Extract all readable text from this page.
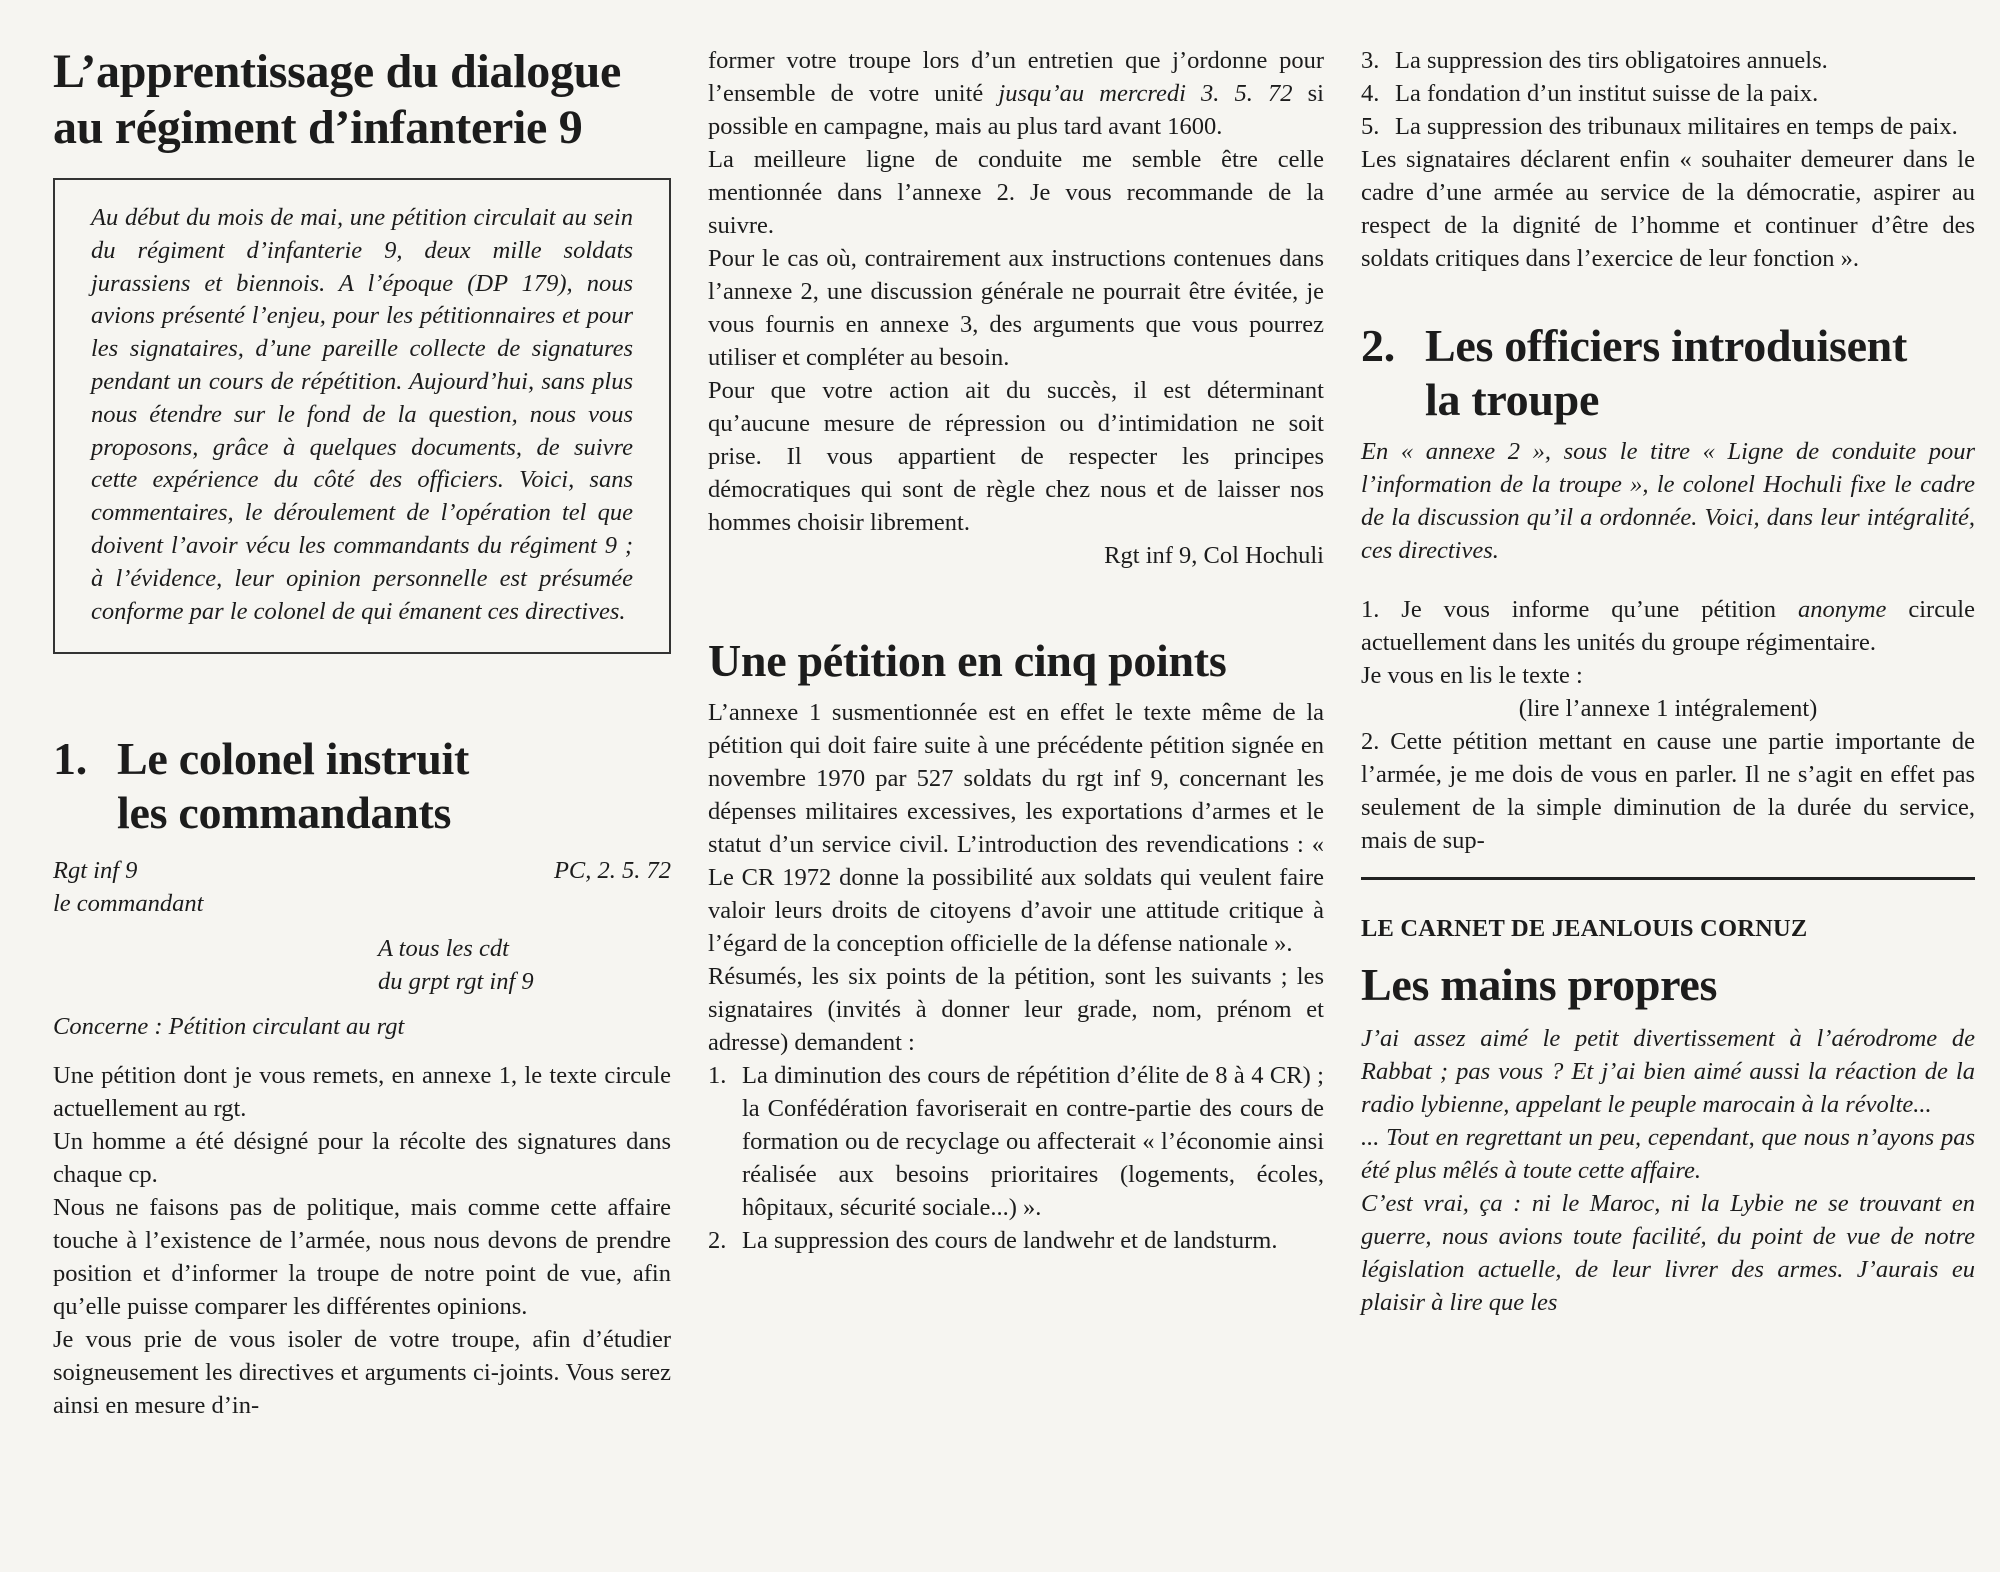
L’apprentissage du dialogue
au régiment d’infanterie 9

Au début du mois de mai, une pétition circulait au sein du régiment d’infanterie 9, deux mille soldats jurassiens et biennois. A l’époque (DP 179), nous avions présenté l’enjeu, pour les pétitionnaires et pour les signataires, d’une pareille collecte de signatures pendant un cours de répétition. Aujourd’hui, sans plus nous étendre sur le fond de la question, nous vous proposons, grâce à quelques documents, de suivre cette expérience du côté des officiers. Voici, sans commentaires, le déroulement de l’opération tel que doivent l’avoir vécu les commandants du régiment 9 ; à l’évidence, leur opinion personnelle est présumée conforme par le colonel de qui émanent ces directives.

1. Le colonel instruit
les commandants
Rgt inf 9	PC, 2. 5. 72
le commandant
A tous les cdt
du grpt rgt inf 9
Concerne : Pétition circulant au rgt

Une pétition dont je vous remets, en annexe 1, le texte circule actuellement au rgt.

Un homme a été désigné pour la récolte des signatures dans chaque cp.

Nous ne faisons pas de politique, mais comme cette affaire touche à l’existence de l’armée, nous nous devons de prendre position et d’informer la troupe de notre point de vue, afin qu’elle puisse comparer les différentes opinions.

Je vous prie de vous isoler de votre troupe, afin d’étudier soigneusement les directives et arguments ci-joints. Vous serez ainsi en mesure d’in-

former votre troupe lors d’un entretien que j’ordonne pour l’ensemble de votre unité jusqu’au mercredi 3. 5. 72 si possible en campagne, mais au plus tard avant 1600.

La meilleure ligne de conduite me semble être celle mentionnée dans l’annexe 2. Je vous recommande de la suivre.

Pour le cas où, contrairement aux instructions contenues dans l’annexe 2, une discussion générale ne pourrait être évitée, je vous fournis en annexe 3, des arguments que vous pourrez utiliser et compléter au besoin.

Pour que votre action ait du succès, il est déterminant qu’aucune mesure de répression ou d’intimidation ne soit prise. Il vous appartient de respecter les principes démocratiques qui sont de règle chez nous et de laisser nos hommes choisir librement.

Rgt inf 9, Col Hochuli
Une pétition en cinq points

L’annexe 1 susmentionnée est en effet le texte même de la pétition qui doit faire suite à une précédente pétition signée en novembre 1970 par 527 soldats du rgt inf 9, concernant les dépenses militaires excessives, les exportations d’armes et le statut d’un service civil. L’introduction des revendications : « Le CR 1972 donne la possibilité aux soldats qui veulent faire valoir leurs droits de citoyens d’avoir une attitude critique à l’égard de la conception officielle de la défense nationale ».

Résumés, les six points de la pétition, sont les suivants ; les signataires (invités à donner leur grade, nom, prénom et adresse) demandent :

1. La diminution des cours de répétition d’élite de 8 à 4 CR) ; la Confédération favoriserait en contre-partie des cours de formation ou de recyclage ou affecterait « l’économie ainsi réalisée aux besoins prioritaires (logements, écoles, hôpitaux, sécurité sociale...) ».
2. La suppression des cours de landwehr et de landsturm.
3. La suppression des tirs obligatoires annuels.
4. La fondation d’un institut suisse de la paix.
5. La suppression des tribunaux militaires en temps de paix.

Les signataires déclarent enfin « souhaiter demeurer dans le cadre d’une armée au service de la démocratie, aspirer au respect de la dignité de l’homme et continuer d’être des soldats critiques dans l’exercice de leur fonction ».

2. Les officiers introduisent
la troupe

En « annexe 2 », sous le titre « Ligne de conduite pour l’information de la troupe », le colonel Hochuli fixe le cadre de la discussion qu’il a ordonnée. Voici, dans leur intégralité, ces directives.

1. Je vous informe qu’une pétition anonyme circule actuellement dans les unités du groupe régimentaire.

Je vous en lis le texte :

(lire l’annexe 1 intégralement)

2. Cette pétition mettant en cause une partie importante de l’armée, je me dois de vous en parler. Il ne s’agit en effet pas seulement de la simple diminution de la durée du service, mais de sup-

LE CARNET DE JEANLOUIS CORNUZ
Les mains propres

J’ai assez aimé le petit divertissement à l’aérodrome de Rabbat ; pas vous ? Et j’ai bien aimé aussi la réaction de la radio lybienne, appelant le peuple marocain à la révolte...

... Tout en regrettant un peu, cependant, que nous n’ayons pas été plus mêlés à toute cette affaire.

C’est vrai, ça : ni le Maroc, ni la Lybie ne se trouvant en guerre, nous avions toute facilité, du point de vue de notre législation actuelle, de leur livrer des armes. J’aurais eu plaisir à lire que les
